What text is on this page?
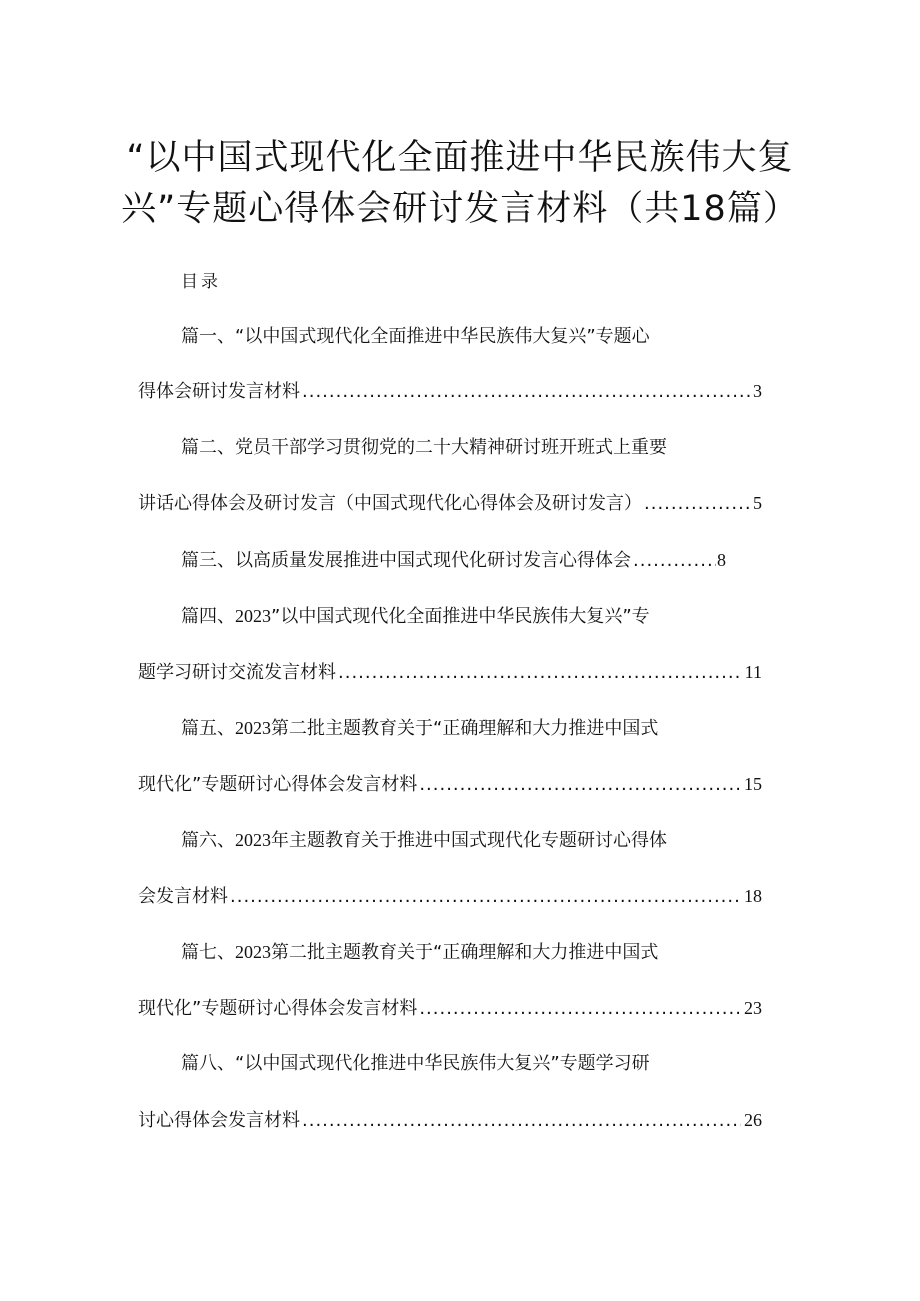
“以中国式现代化全面推进中华民族伟大复
兴”专题心得体会研讨发言材料（共18篇）
目录
篇一、“以中国式现代化全面推进中华民族伟大复兴”专题心
得体会研讨发言材料 .....	3
篇二、党员干部学习贯彻党的二十大精神研讨班开班式上重要
讲话心得体会及研讨发言（中国式现代化心得体会及研讨发言） .....	5
篇三、以高质量发展推进中国式现代化研讨发言心得体会 .....	8
篇四、2023”以中国式现代化全面推进中华民族伟大复兴”专
题学习研讨交流发言材料 .....	11
篇五、2023第二批主题教育关于“正确理解和大力推进中国式
现代化”专题研讨心得体会发言材料 .....	15
篇六、2023年主题教育关于推进中国式现代化专题研讨心得体
会发言材料 .....	18
篇七、2023第二批主题教育关于“正确理解和大力推进中国式
现代化”专题研讨心得体会发言材料 .....	23
篇八、“以中国式现代化推进中华民族伟大复兴”专题学习研
讨心得体会发言材料 .....	26
